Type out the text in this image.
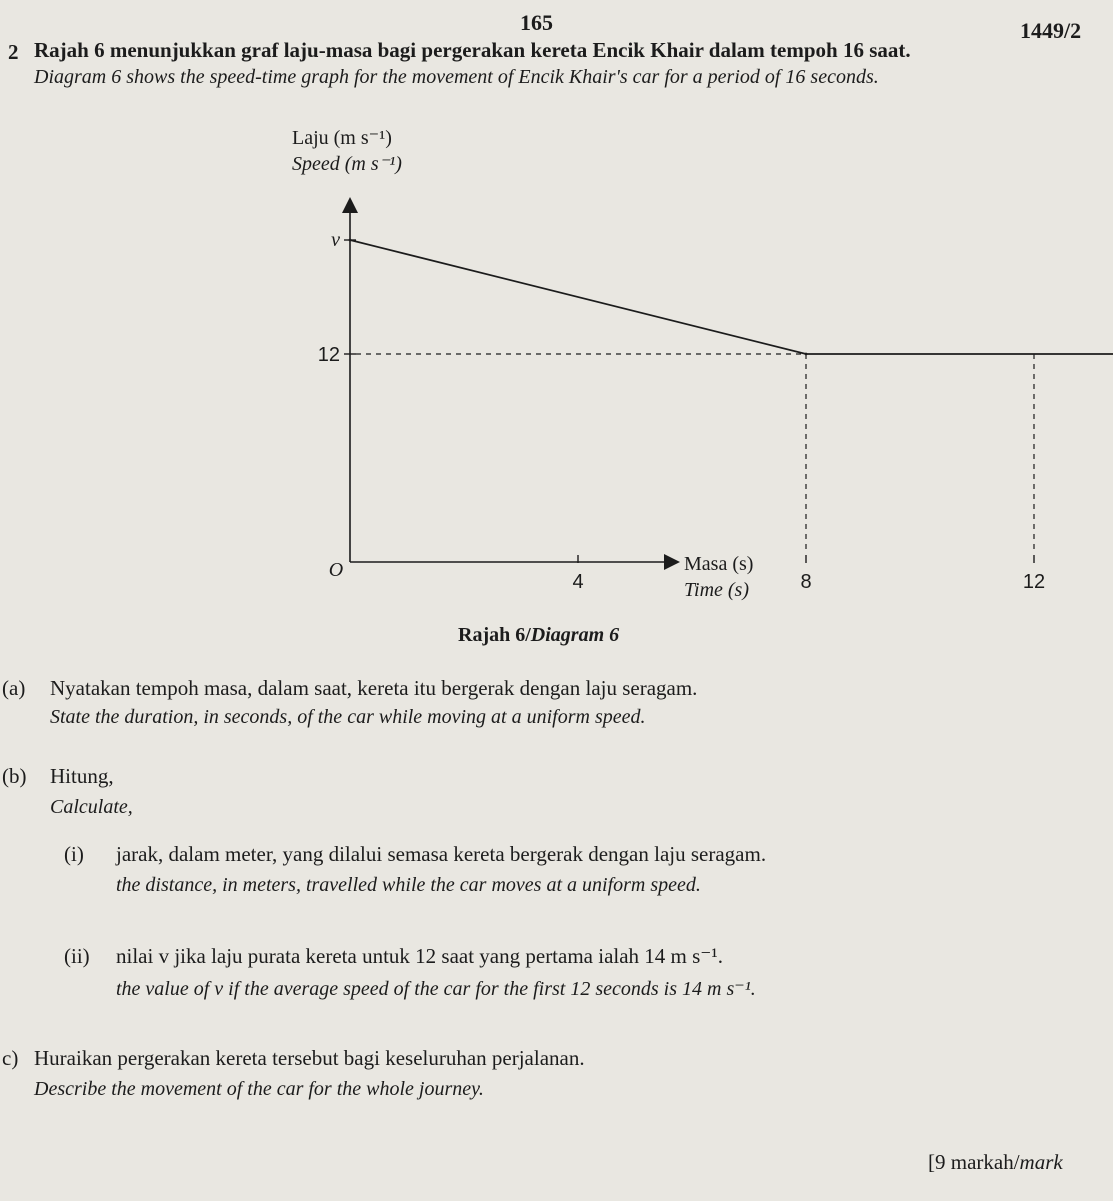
165	1449/2
2 Rajah 6 menunjukkan graf laju-masa bagi pergerakan kereta Encik Khair dalam tempoh 16 saat.
Diagram 6 shows the speed-time graph for the movement of Encik Khair's car for a period of 16 seconds.
4	8	12
v
12
O
Laju (m s⁻¹)
Speed (m s⁻¹)
Masa (s)
Time (s)
Rajah 6/Diagram 6
(a) Nyatakan tempoh masa, dalam saat, kereta itu bergerak dengan laju seragam.
State the duration, in seconds, of the car while moving at a uniform speed.
(b) Hitung,
Calculate,
(i) jarak, dalam meter, yang dilalui semasa kereta bergerak dengan laju seragam.
the distance, in meters, travelled while the car moves at a uniform speed.
(ii) nilai v jika laju purata kereta untuk 12 saat yang pertama ialah 14 m s⁻¹.
the value of v if the average speed of the car for the first 12 seconds is 14 m s⁻¹.
c) Huraikan pergerakan kereta tersebut bagi keseluruhan perjalanan.
Describe the movement of the car for the whole journey.
[9 markah/mark
